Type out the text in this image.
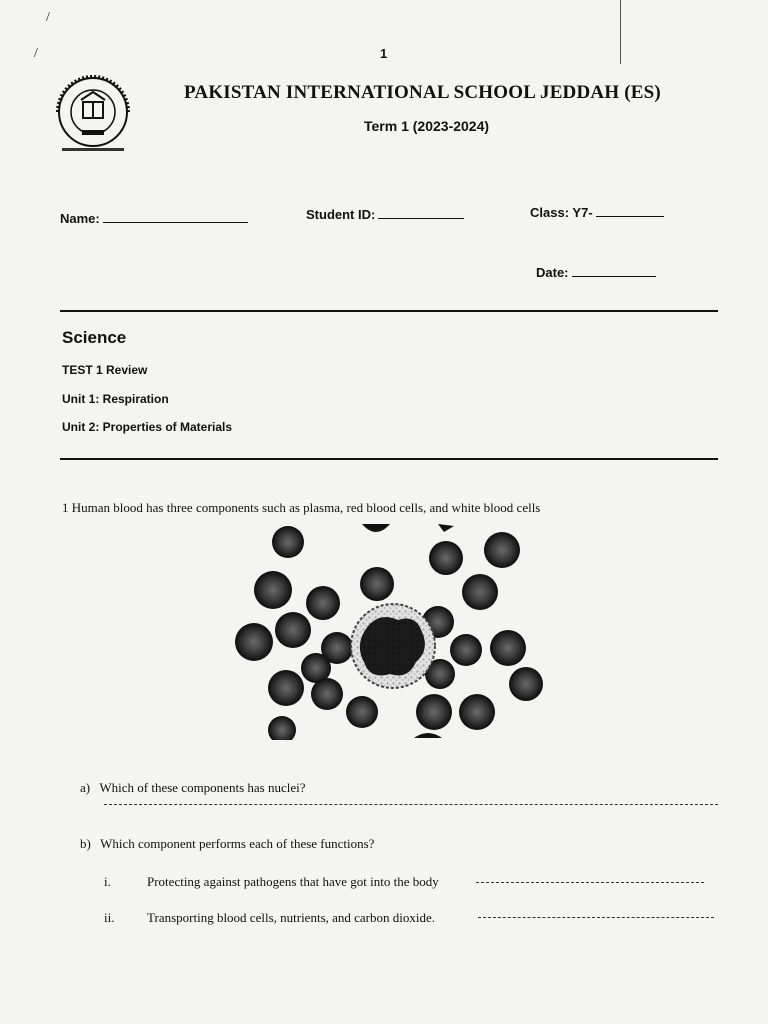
/
/	1
PAKISTAN INTERNATIONAL SCHOOL JEDDAH (ES)
Term 1 (2023-2024)
Name:	Student ID:	Class: Y7-
Date:
Science
TEST 1 Review
Unit 1: Respiration
Unit 2: Properties of Materials
1 Human blood has three components such as plasma, red blood cells, and white blood cells
a) Which of these components has nuclei?
b) Which component performs each of these functions?
i.	Protecting against pathogens that have got into the body
ii.	Transporting blood cells, nutrients, and carbon dioxide.
